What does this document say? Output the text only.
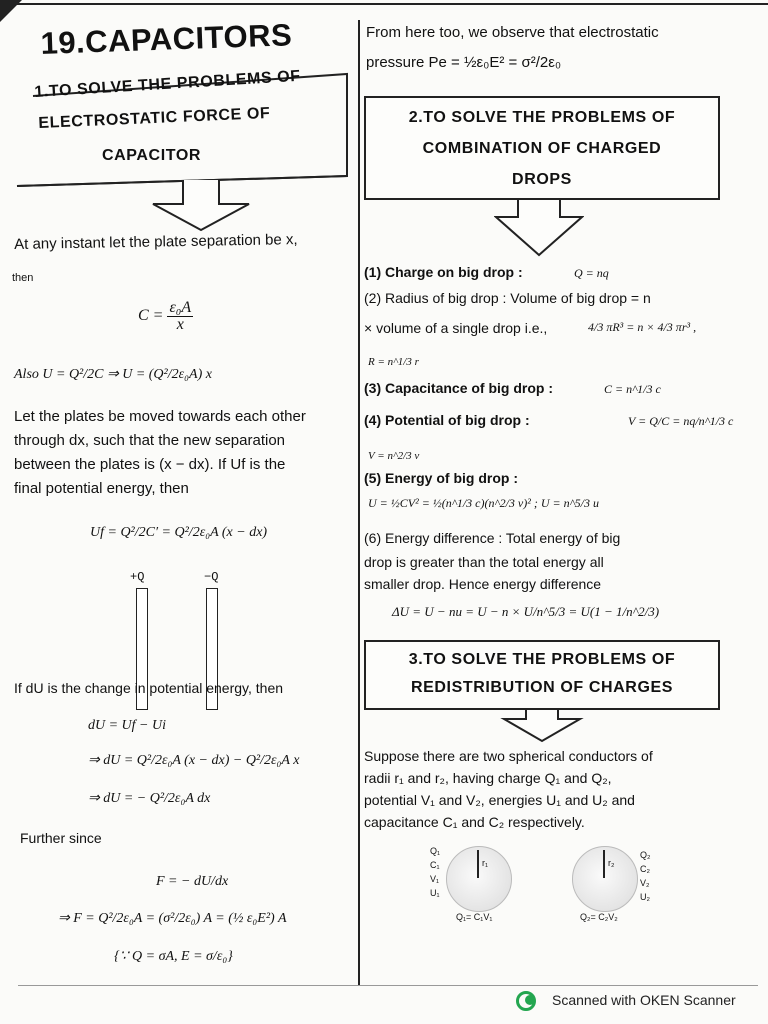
19.CAPACITORS
1.TO SOLVE THE PROBLEMS OF
ELECTROSTATIC FORCE OF
CAPACITOR
At any instant let the plate separation be x,
then
$C = \frac{\text{ε₀A}}{x}$
Also U = Q²/2C ⇒ U = (Q²/2ε₀A) x
Let the plates be moved towards each other
through dx, such that the new separation
between the plates is (x − dx). If Uf is the
final potential energy, then
Uf = Q²/2C′ = Q²/2ε₀A (x − dx)
+Q	−Q
If dU is the change in potential energy, then
dU = Uf − Ui
⇒ dU = Q²/2ε₀A (x − dx) − Q²/2ε₀A x
⇒ dU = − Q²/2ε₀A dx
Further since
F = − dU/dx
⇒ F = Q²/2ε₀A = (σ²/2ε₀) A = (½ ε₀E²) A
{∵ Q = σA, E = σ/ε₀}
From here too, we observe that electrostatic
pressure Pe = ½ε₀E² = σ²/2ε₀
2.TO SOLVE THE PROBLEMS OF
COMBINATION OF CHARGED
DROPS
(1) Charge on big drop :	Q = nq
(2) Radius of big drop : Volume of big drop = n
× volume of a single drop i.e.,	4/3 πR³ = n × 4/3 πr³ ,
R = n^1/3 r
(3) Capacitance of big drop :	C = n^1/3 c
(4) Potential of big drop :	V = Q/C = nq/n^1/3 c
V = n^2/3 v
(5) Energy of big drop :
U = ½CV² = ½(n^1/3 c)(n^2/3 v)² ; U = n^5/3 u
(6) Energy difference : Total energy of big
drop is greater than the total energy all
smaller drop. Hence energy difference
ΔU = U − nu = U − n × U/n^5/3 = U(1 − 1/n^2/3)
3.TO SOLVE THE PROBLEMS OF
REDISTRIBUTION OF CHARGES
Suppose there are two spherical conductors of
radii r₁ and r₂, having charge Q₁ and Q₂,
potential V₁ and V₂, energies U₁ and U₂ and
capacitance C₁ and C₂ respectively.
Q₁
C₁
V₁
U₁
r₁
Q₁= C₁V₁
r₂
Q₂
C₂
V₂
U₂
Q₂= C₂V₂
Scanned with OKEN Scanner
